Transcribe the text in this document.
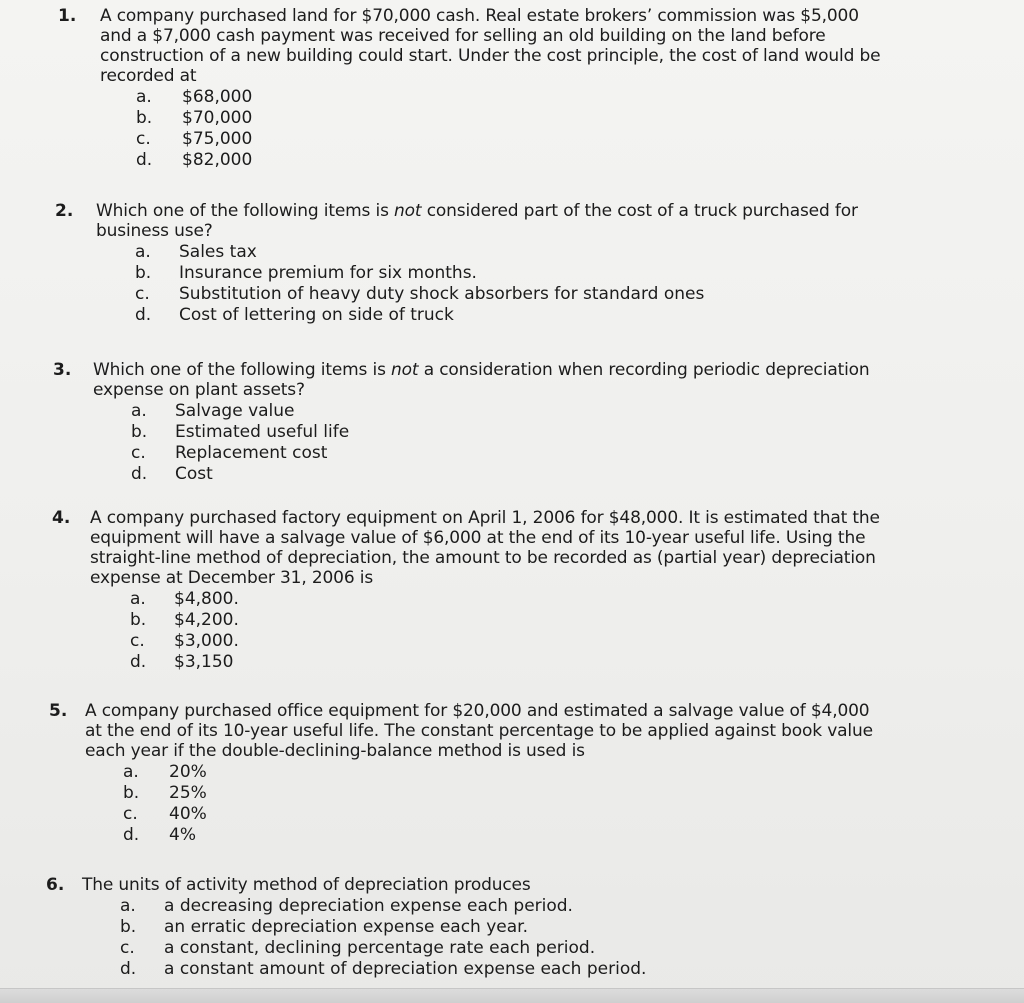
1. A company purchased land for $70,000 cash. Real estate brokers’ commission was $5,000
and a $7,000 cash payment was received for selling an old building on the land before
construction of a new building could start. Under the cost principle, the cost of land would be
recorded at
a. $68,000
b. $70,000
c. $75,000
d. $82,000
2. Which one of the following items is not considered part of the cost of a truck purchased for
business use?
a. Sales tax
b. Insurance premium for six months.
c. Substitution of heavy duty shock absorbers for standard ones
d. Cost of lettering on side of truck
3. Which one of the following items is not a consideration when recording periodic depreciation
expense on plant assets?
a. Salvage value
b. Estimated useful life
c. Replacement cost
d. Cost
4. A company purchased factory equipment on April 1, 2006 for $48,000. It is estimated that the
equipment will have a salvage value of $6,000 at the end of its 10-year useful life. Using the
straight-line method of depreciation, the amount to be recorded as (partial year) depreciation
expense at December 31, 2006 is
a. $4,800.
b. $4,200.
c. $3,000.
d. $3,150
5. A company purchased office equipment for $20,000 and estimated a salvage value of $4,000
at the end of its 10-year useful life. The constant percentage to be applied against book value
each year if the double-declining-balance method is used is
a. 20%
b. 25%
c. 40%
d. 4%
6. The units of activity method of depreciation produces
a. a decreasing depreciation expense each period.
b. an erratic depreciation expense each year.
c. a constant, declining percentage rate each period.
d. a constant amount of depreciation expense each period.
